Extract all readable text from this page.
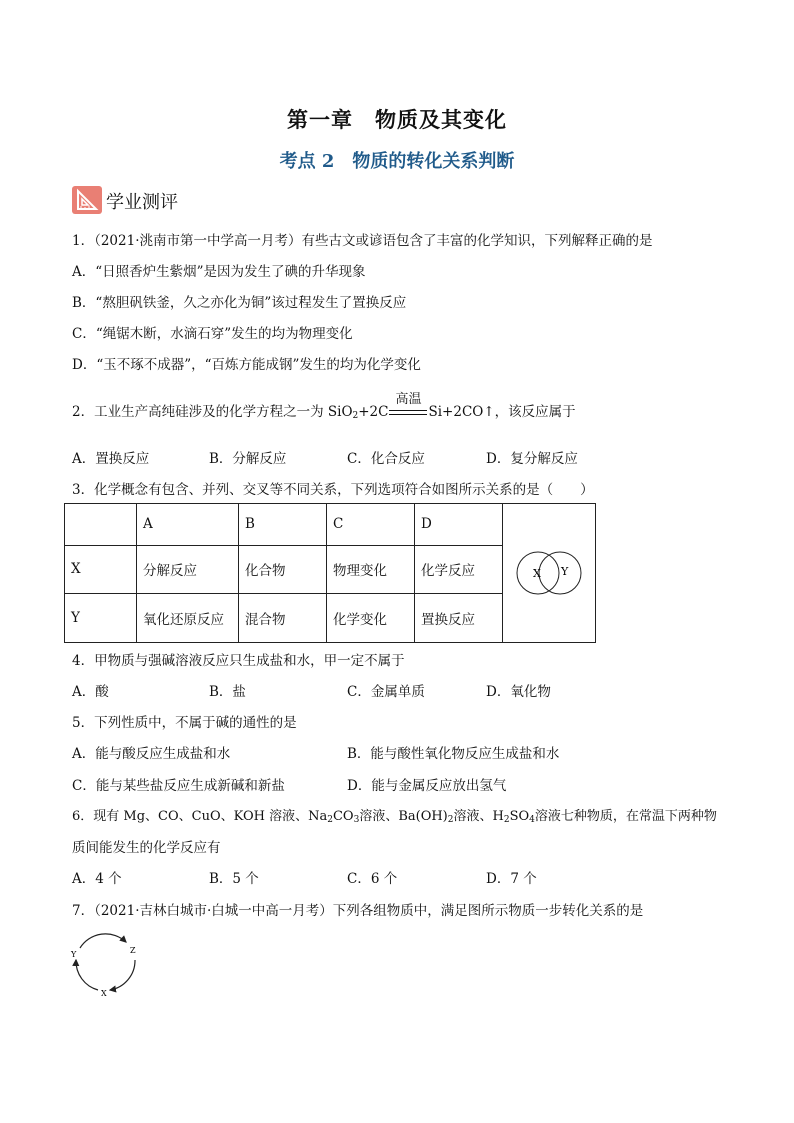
第一章　物质及其变化
考点 2　物质的转化关系判断
学业测评
1．（2021·洮南市第一中学高一月考）有些古文或谚语包含了丰富的化学知识，下列解释正确的是
A．“日照香炉生紫烟”是因为发生了碘的升华现象
B．“熬胆矾铁釜，久之亦化为铜”该过程发生了置换反应
C．“绳锯木断，水滴石穿”发生的均为物理变化
D．“玉不琢不成器”，“百炼方能成钢”发生的均为化学变化
2．工业生产高纯硅涉及的化学方程之一为 SiO$_2$+2C
高温
Si+2CO↑，该反应属于
A．置换反应	B．分解反应	C．化合反应	D．复分解反应
3．化学概念有包含、并列、交叉等不同关系，下列选项符合如图所示关系的是（　　）
	A	B	C	D	X Y

X	分解反应	化合物	物理变化	化学反应	
Y	氧化还原反应	混合物	化学变化	置换反应	
4．甲物质与强碱溶液反应只生成盐和水，甲一定不属于
A．酸	B．盐	C．金属单质	D．氧化物
5．下列性质中，不属于碱的通性的是
A．能与酸反应生成盐和水	B．能与酸性氧化物反应生成盐和水
C．能与某些盐反应生成新碱和新盐	D．能与金属反应放出氢气
6．现有 Mg、CO、CuO、KOH 溶液、$Na_2CO_3$溶液、$Ba(OH)_2$溶液、$H_2SO_4$溶液七种物质，在常温下两种物
质间能发生的化学反应有
A．4 个	B．5 个	C．6 个	D．7 个
7．（2021·吉林白城市·白城一中高一月考）下列各组物质中，满足图所示物质一步转化关系的是
Y	Z
X
